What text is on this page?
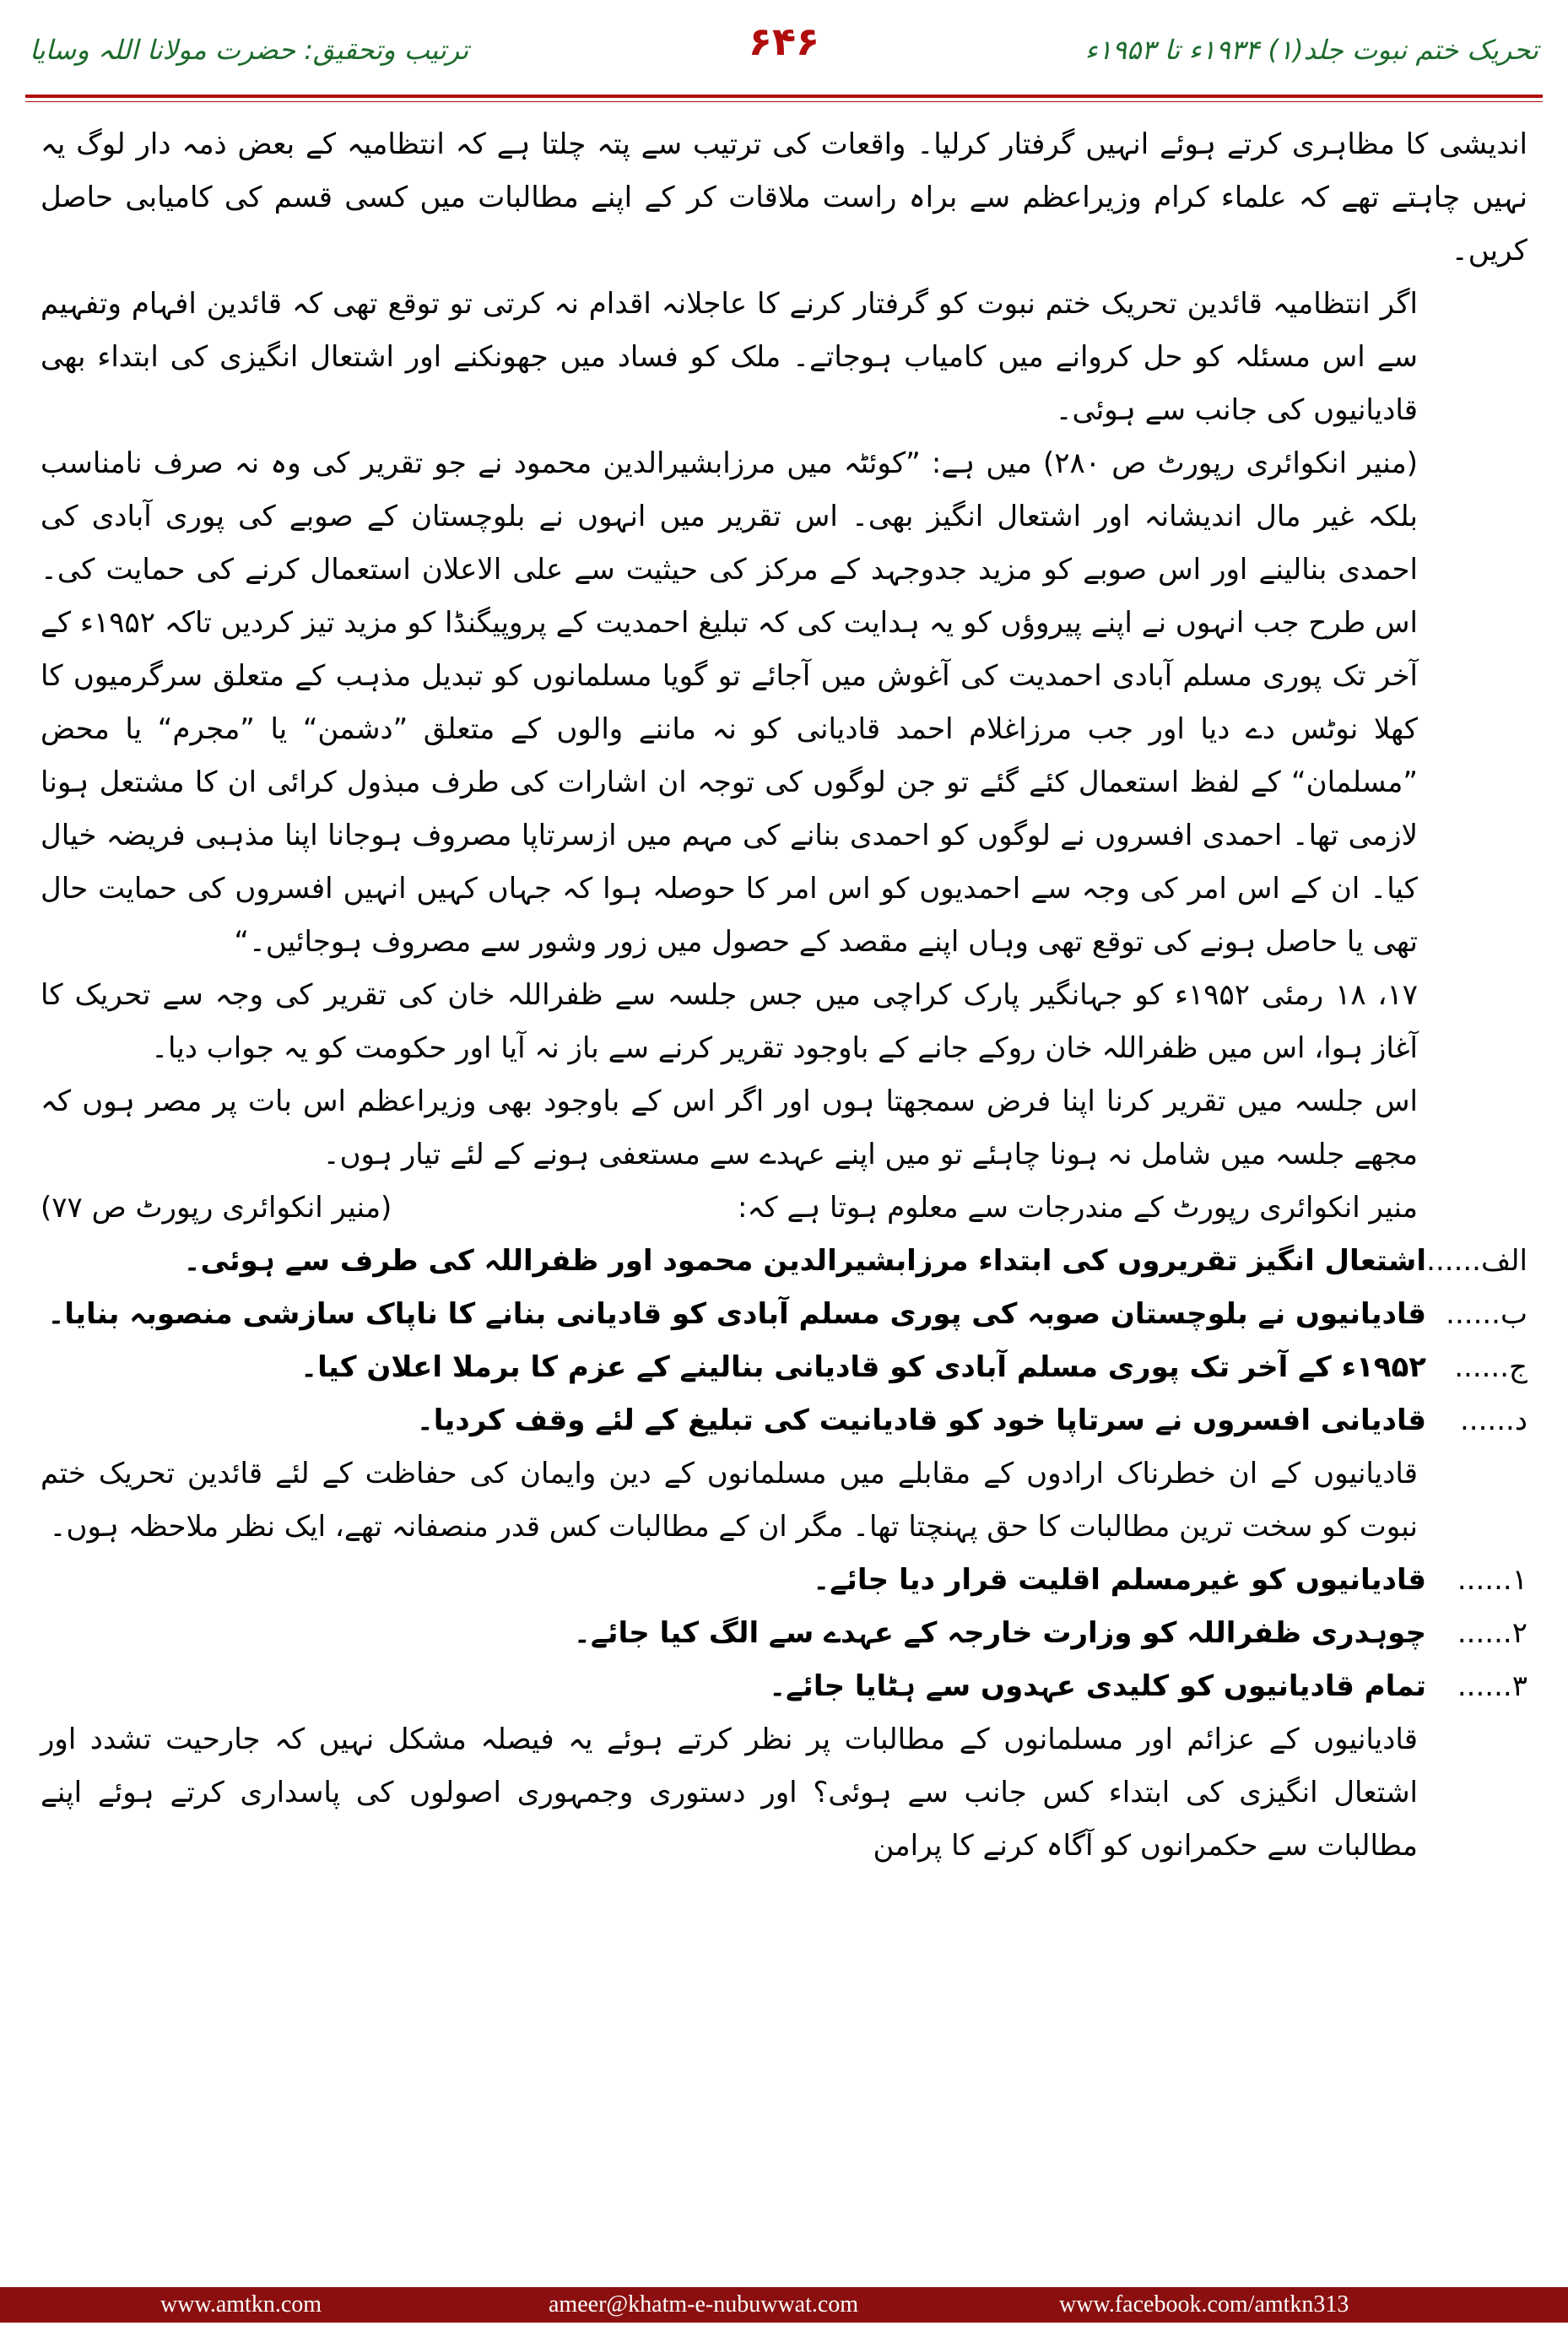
تحریک ختم نبوت جلد(۱) ۱۹۳۴ء تا ۱۹۵۳ء
۶۴۶
ترتیب وتحقیق: حضرت مولانا اللہ وسایا

اندیشی کا مظاہری کرتے ہوئے انہیں گرفتار کرلیا۔ واقعات کی ترتیب سے پتہ چلتا ہے کہ انتظامیہ کے بعض ذمہ دار لوگ یہ نہیں چاہتے تھے کہ علماء کرام وزیراعظم سے براہ راست ملاقات کر کے اپنے مطالبات میں کسی قسم کی کامیابی حاصل کریں۔

اگر انتظامیہ قائدین تحریک ختم نبوت کو گرفتار کرنے کا عاجلانہ اقدام نہ کرتی تو توقع تھی کہ قائدین افہام وتفہیم سے اس مسئلہ کو حل کروانے میں کامیاب ہوجاتے۔ ملک کو فساد میں جھونکنے اور اشتعال انگیزی کی ابتداء بھی قادیانیوں کی جانب سے ہوئی۔

(منیر انکوائری رپورٹ ص ۲۸۰) میں ہے: ”کوئٹہ میں مرزابشیرالدین محمود نے جو تقریر کی وہ نہ صرف نامناسب بلکہ غیر مال اندیشانہ اور اشتعال انگیز بھی۔ اس تقریر میں انہوں نے بلوچستان کے صوبے کی پوری آبادی کی احمدی بنالینے اور اس صوبے کو مزید جدوجہد کے مرکز کی حیثیت سے علی الاعلان استعمال کرنے کی حمایت کی۔ اس طرح جب انہوں نے اپنے پیروؤں کو یہ ہدایت کی کہ تبلیغ احمدیت کے پروپیگنڈا کو مزید تیز کردیں تاکہ ۱۹۵۲ء کے آخر تک پوری مسلم آبادی احمدیت کی آغوش میں آجائے تو گویا مسلمانوں کو تبدیل مذہب کے متعلق سرگرمیوں کا کھلا نوٹس دے دیا اور جب مرزاغلام احمد قادیانی کو نہ ماننے والوں کے متعلق ”دشمن“ یا ”مجرم“ یا محض ”مسلمان“ کے لفظ استعمال کئے گئے تو جن لوگوں کی توجہ ان اشارات کی طرف مبذول کرائی ان کا مشتعل ہونا لازمی تھا۔ احمدی افسروں نے لوگوں کو احمدی بنانے کی مہم میں ازسرتاپا مصروف ہوجانا اپنا مذہبی فریضہ خیال کیا۔ ان کے اس امر کی وجہ سے احمدیوں کو اس امر کا حوصلہ ہوا کہ جہاں کہیں انہیں افسروں کی حمایت حال تھی یا حاصل ہونے کی توقع تھی وہاں اپنے مقصد کے حصول میں زور وشور سے مصروف ہوجائیں۔“

۱۷، ۱۸ رمئی ۱۹۵۲ء کو جہانگیر پارک کراچی میں جس جلسہ سے ظفراللہ خان کی تقریر کی وجہ سے تحریک کا آغاز ہوا، اس میں ظفراللہ خان روکے جانے کے باوجود تقریر کرنے سے باز نہ آیا اور حکومت کو یہ جواب دیا۔

اس جلسہ میں تقریر کرنا اپنا فرض سمجھتا ہوں اور اگر اس کے باوجود بھی وزیراعظم اس بات پر مصر ہوں کہ مجھے جلسہ میں شامل نہ ہونا چاہئے تو میں اپنے عہدے سے مستعفی ہونے کے لئے تیار ہوں۔
(منیر انکوائری رپورٹ ص ۷۷)	منیر انکوائری رپورٹ کے مندرجات سے معلوم ہوتا ہے کہ:

الف......
اشتعال انگیز تقریروں کی ابتداء مرزابشیرالدین محمود اور ظفراللہ کی طرف سے ہوئی۔
ب......
قادیانیوں نے بلوچستان صوبہ کی پوری مسلم آبادی کو قادیانی بنانے کا ناپاک سازشی منصوبہ بنایا۔
ج......
۱۹۵۲ء کے آخر تک پوری مسلم آبادی کو قادیانی بنالینے کے عزم کا برملا اعلان کیا۔
د......
قادیانی افسروں نے سرتاپا خود کو قادیانیت کی تبلیغ کے لئے وقف کردیا۔

قادیانیوں کے ان خطرناک ارادوں کے مقابلے میں مسلمانوں کے دین وایمان کی حفاظت کے لئے قائدین تحریک ختم نبوت کو سخت ترین مطالبات کا حق پہنچتا تھا۔ مگر ان کے مطالبات کس قدر منصفانہ تھے، ایک نظر ملاحظہ ہوں۔

۱......
قادیانیوں کو غیرمسلم اقلیت قرار دیا جائے۔
۲......
چوہدری ظفراللہ کو وزارت خارجہ کے عہدے سے الگ کیا جائے۔
۳......
تمام قادیانیوں کو کلیدی عہدوں سے ہٹایا جائے۔

قادیانیوں کے عزائم اور مسلمانوں کے مطالبات پر نظر کرتے ہوئے یہ فیصلہ مشکل نہیں کہ جارحیت تشدد اور اشتعال انگیزی کی ابتداء کس جانب سے ہوئی؟ اور دستوری وجمہوری اصولوں کی پاسداری کرتے ہوئے اپنے مطالبات سے حکمرانوں کو آگاہ کرنے کا پرامن

www.amtkn.com	ameer@khatm-e-nubuwwat.com	www.facebook.com/amtkn313
